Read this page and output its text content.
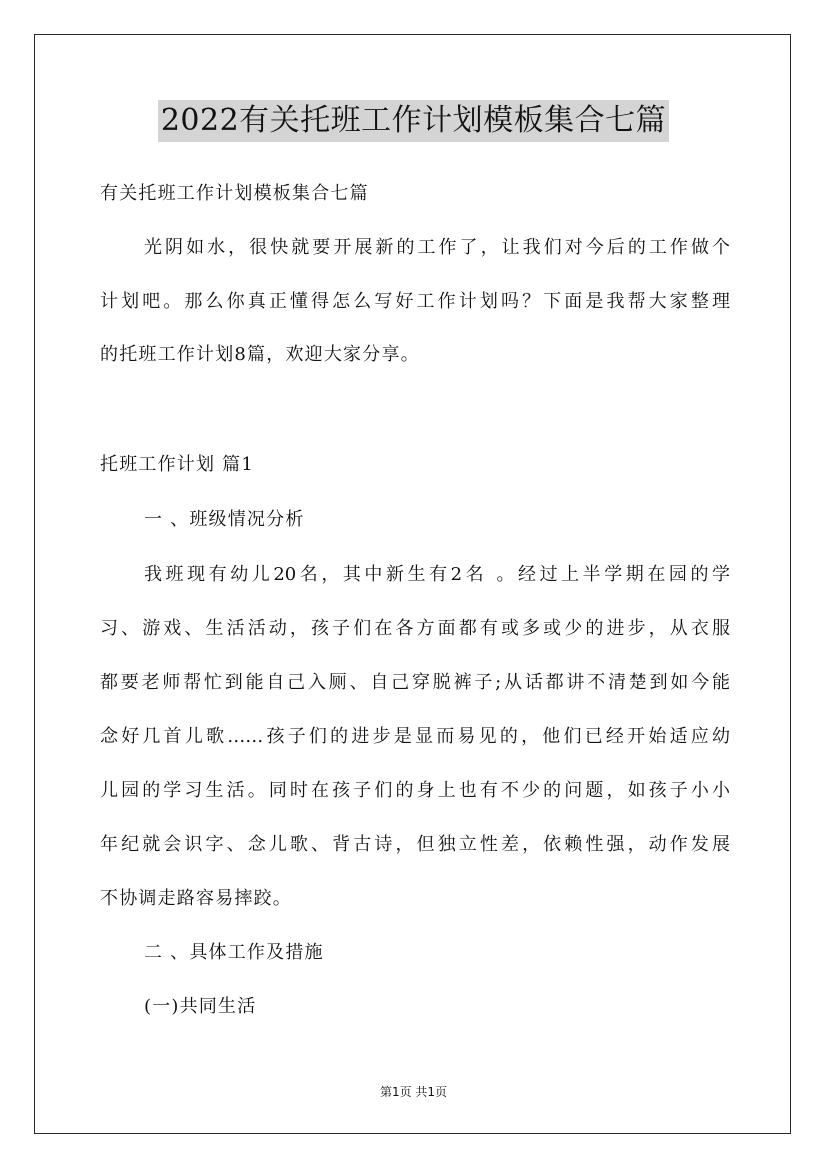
2022有关托班工作计划模板集合七篇
有关托班工作计划模板集合七篇
光阴如水，很快就要开展新的工作了，让我们对今后的工作做个
计划吧。那么你真正懂得怎么写好工作计划吗？下面是我帮大家整理
的托班工作计划8篇，欢迎大家分享。
托班工作计划 篇1
一 、班级情况分析
我班现有幼儿20名，其中新生有2名 。经过上半学期在园的学
习、游戏、生活活动，孩子们在各方面都有或多或少的进步，从衣服
都要老师帮忙到能自己入厕、自己穿脱裤子;从话都讲不清楚到如今能
念好几首儿歌……孩子们的进步是显而易见的，他们已经开始适应幼
儿园的学习生活。同时在孩子们的身上也有不少的问题，如孩子小小
年纪就会识字、念儿歌、背古诗，但独立性差，依赖性强，动作发展
不协调走路容易摔跤。
二 、具体工作及措施
(一)共同生活
第1页 共1页
